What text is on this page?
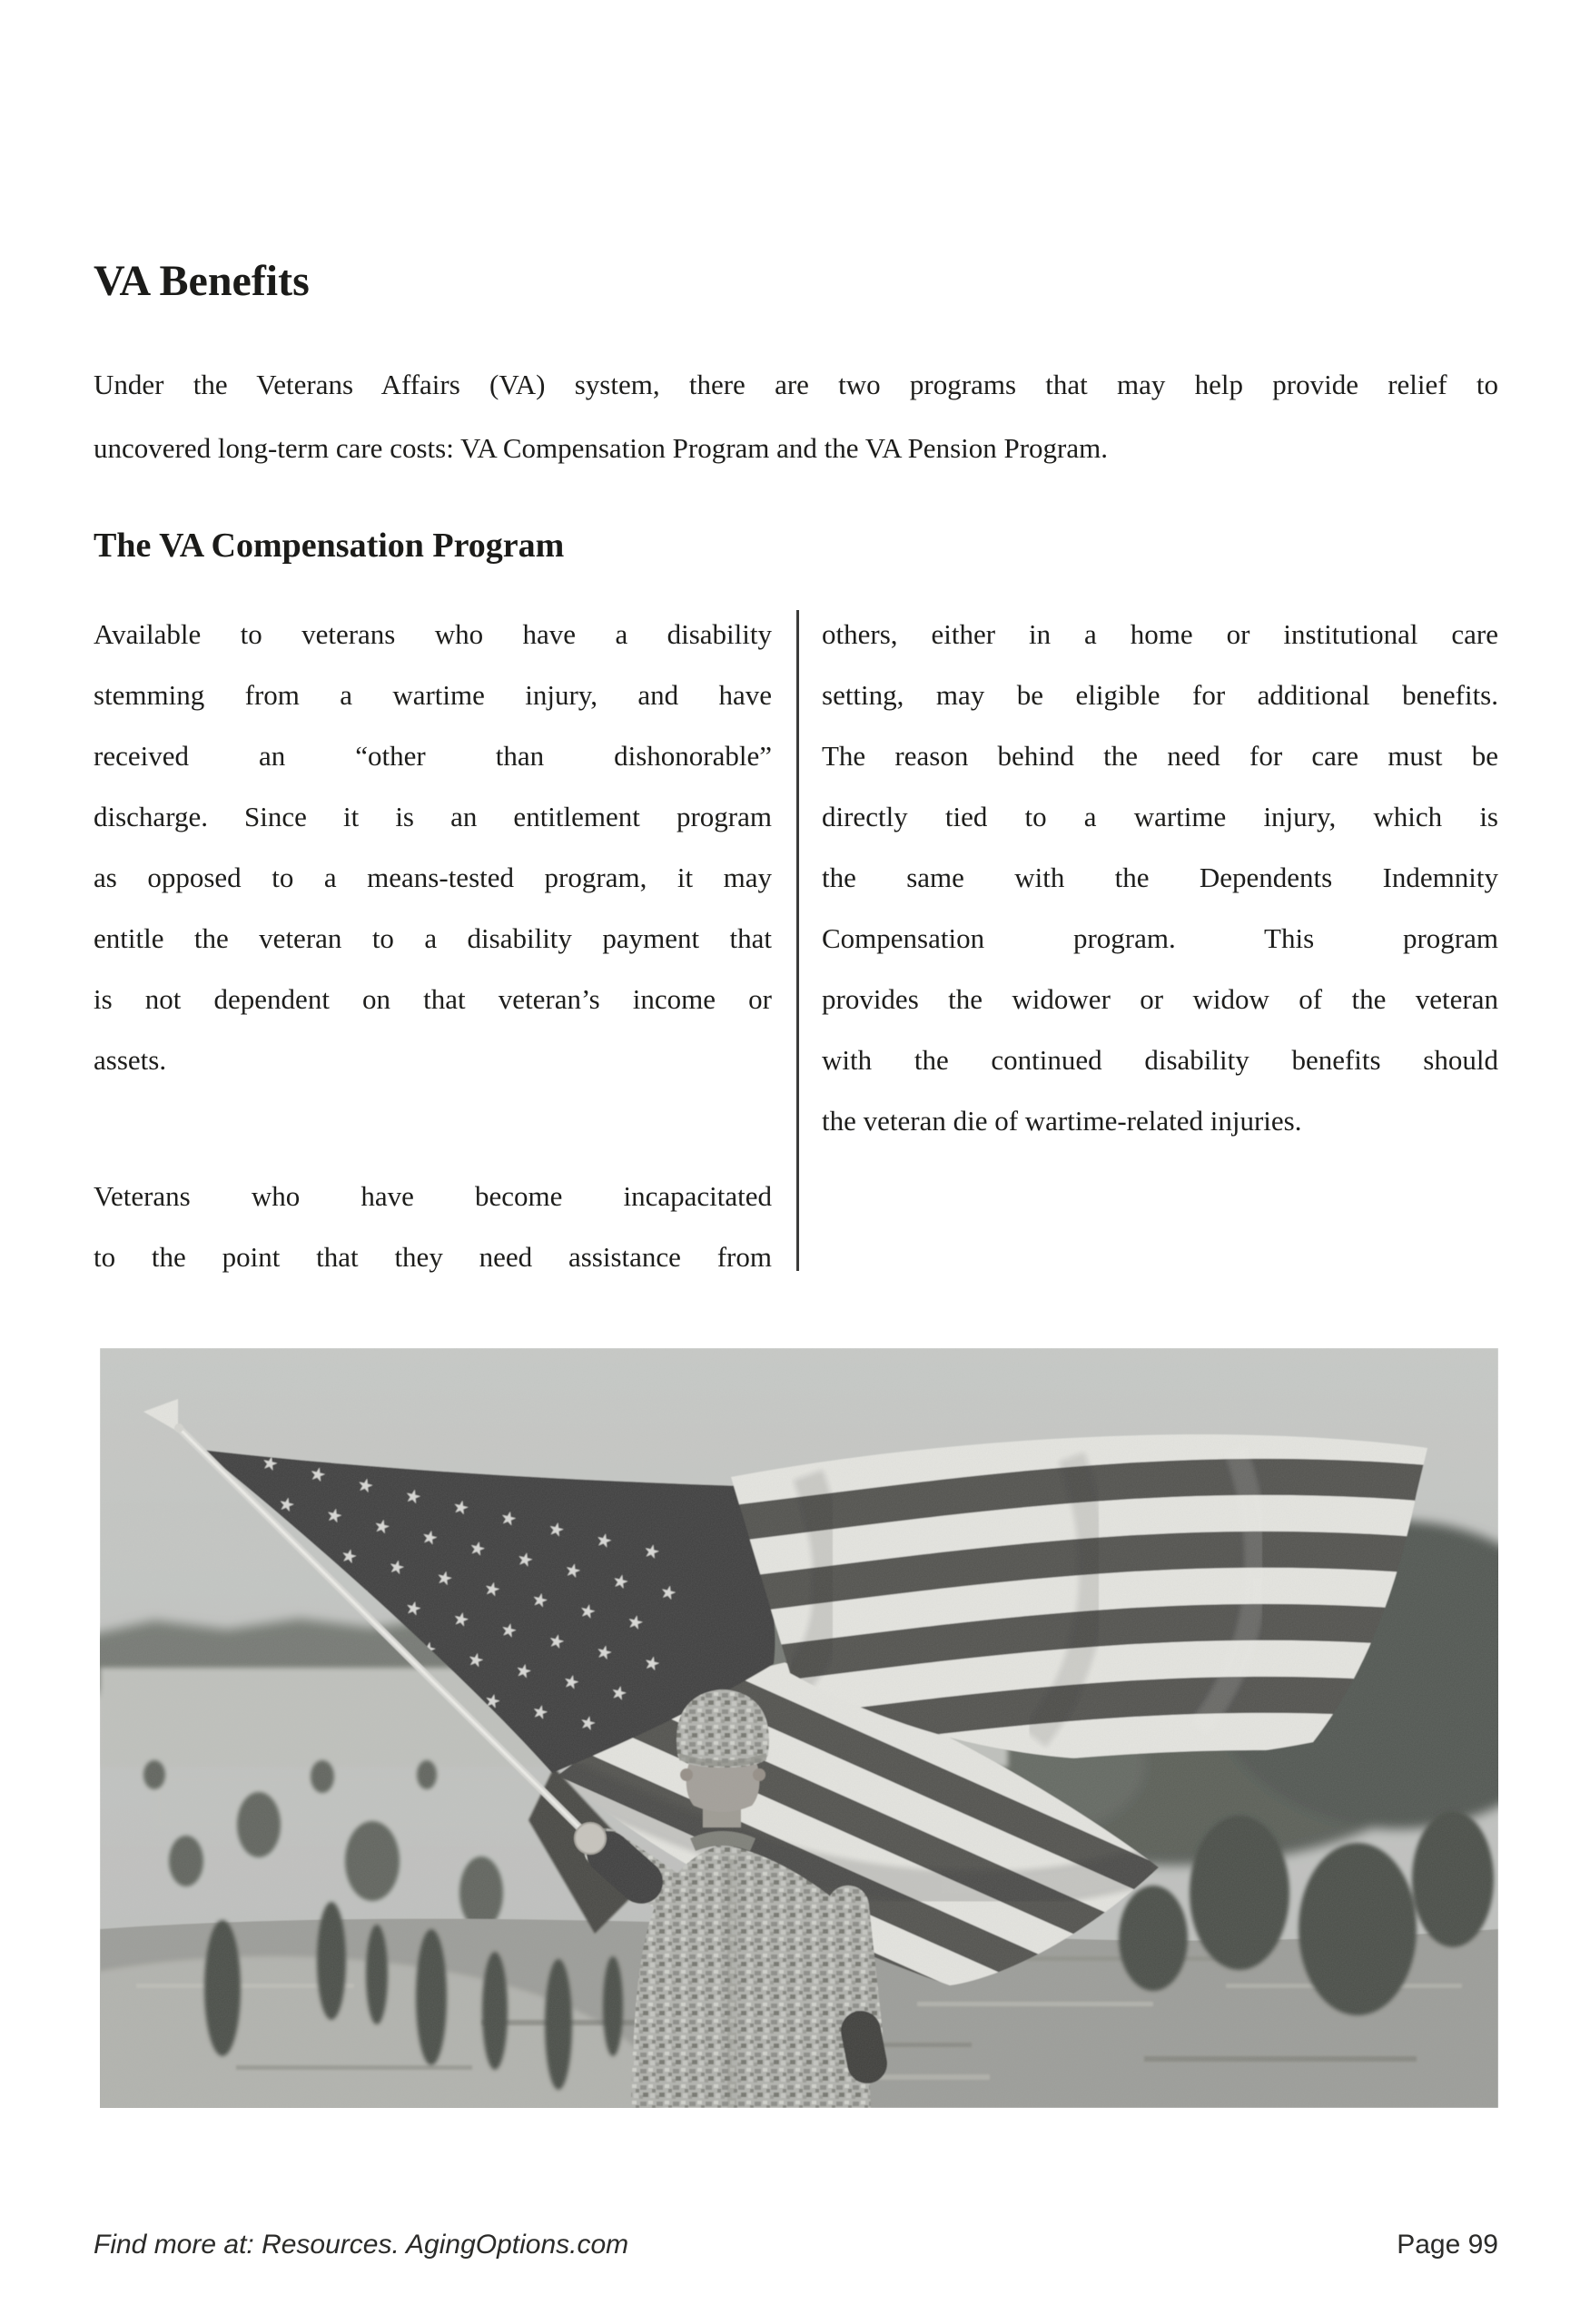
VA Benefits
Under the Veterans Affairs (VA) system, there are two programs that may help provide relief to
uncovered long-term care costs: VA Compensation Program and the VA Pension Program.
The VA Compensation Program
Available to veterans who have a disability
stemming from a wartime injury, and have
received an “other than dishonorable”
discharge. Since it is an entitlement program
as opposed to a means-tested program, it may
entitle the veteran to a disability payment that
is not dependent on that veteran’s income or
assets.
Veterans who have become incapacitated
to the point that they need assistance from
others, either in a home or institutional care
setting, may be eligible for additional benefits.
The reason behind the need for care must be
directly tied to a wartime injury, which is
the same with the Dependents Indemnity
Compensation program. This program
provides the widower or widow of the veteran
with the continued disability benefits should
the veteran die of wartime-related injuries.
Find more at: Resources. AgingOptions.com	Page 99
